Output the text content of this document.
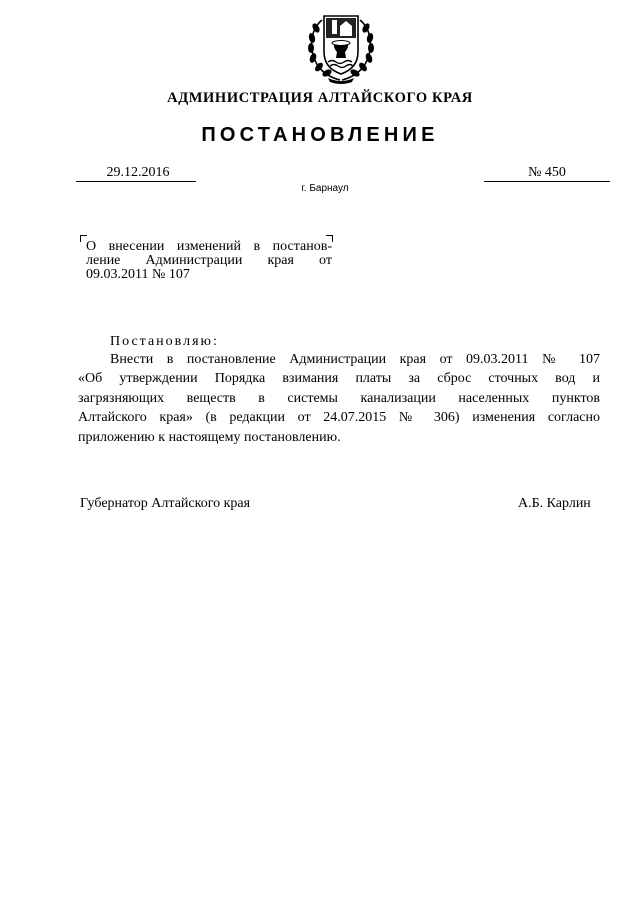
АДМИНИСТРАЦИЯ АЛТАЙСКОГО КРАЯ
ПОСТАНОВЛЕНИЕ
29.12.2016	№ 450
г. Барнаул
О внесении изменений в постанов-
ление Администрации края от
09.03.2011 № 107
Постановляю:
Внести в постановление Администрации края от 09.03.2011 № 107
«Об утверждении Порядка взимания платы за сброс сточных вод и
загрязняющих веществ в системы канализации населенных пунктов
Алтайского края» (в редакции от 24.07.2015 № 306) изменения согласно
приложению к настоящему постановлению.
Губернатор Алтайского края	А.Б. Карлин
